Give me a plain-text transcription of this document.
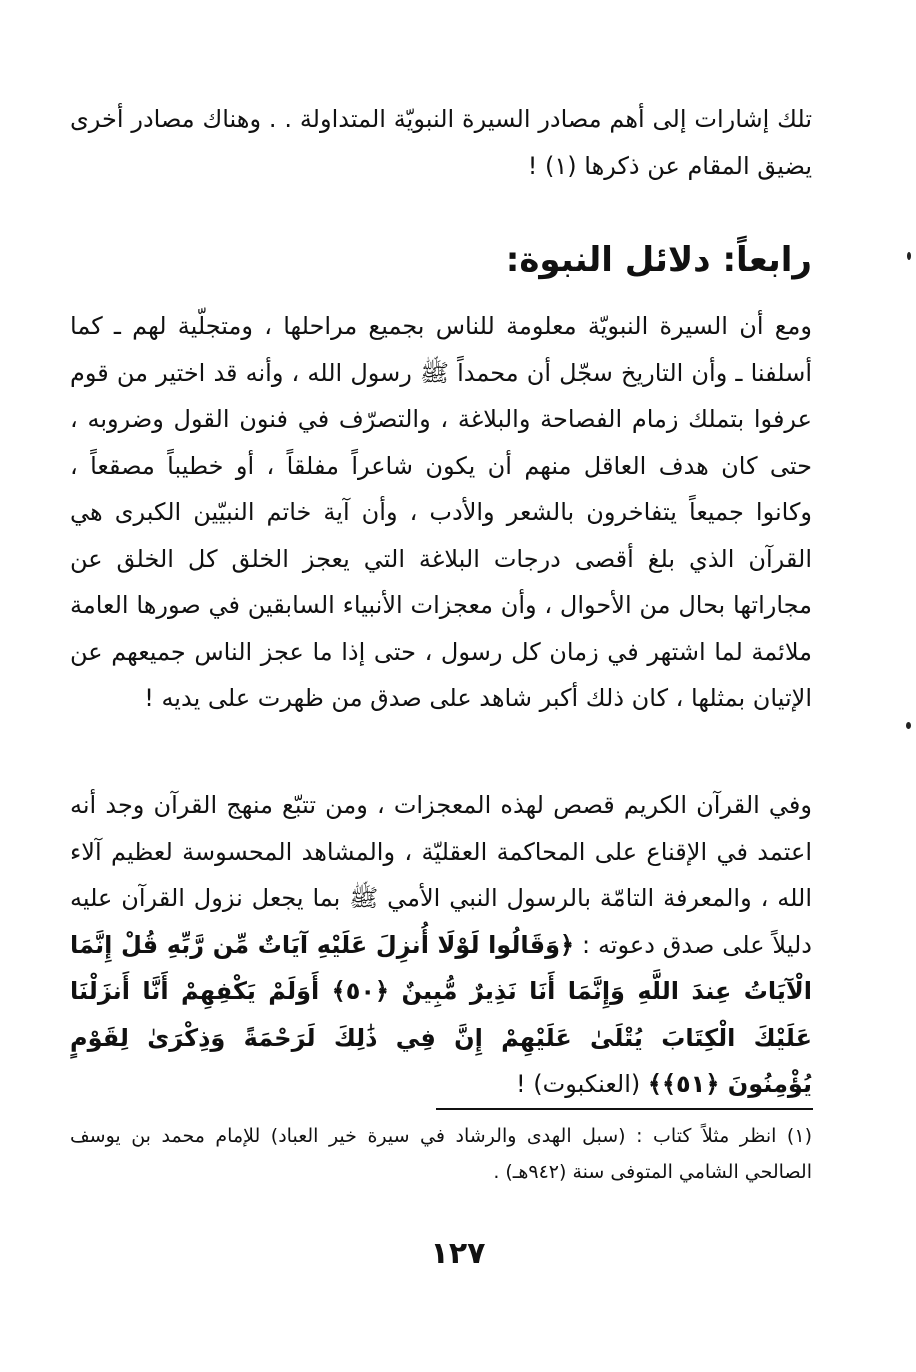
تلك إشارات إلى أهم مصادر السيرة النبويّة المتداولة . . وهناك مصادر أخرى يضيق المقام عن ذكرها (١) !

رابعاً: دلائل النبوة:

ومع أن السيرة النبويّة معلومة للناس بجميع مراحلها ، ومتجلّية لهم ـ كما أسلفنا ـ وأن التاريخ سجّل أن محمداً ﷺ رسول الله ، وأنه قد اختير من قوم عرفوا بتملك زمام الفصاحة والبلاغة ، والتصرّف في فنون القول وضروبه ، حتى كان هدف العاقل منهم أن يكون شاعراً مفلقاً ، أو خطيباً مصقعاً ، وكانوا جميعاً يتفاخرون بالشعر والأدب ، وأن آية خاتم النبيّين الكبرى هي القرآن الذي بلغ أقصى درجات البلاغة التي يعجز الخلق كل الخلق عن مجاراتها بحال من الأحوال ، وأن معجزات الأنبياء السابقين في صورها العامة ملائمة لما اشتهر في زمان كل رسول ، حتى إذا ما عجز الناس جميعهم عن الإتيان بمثلها ، كان ذلك أكبر شاهد على صدق من ظهرت على يديه !

وفي القرآن الكريم قصص لهذه المعجزات ، ومن تتبّع منهج القرآن وجد أنه اعتمد في الإقناع على المحاكمة العقليّة ، والمشاهد المحسوسة لعظيم آلاء الله ، والمعرفة التامّة بالرسول النبي الأمي ﷺ بما يجعل نزول القرآن عليه دليلاً على صدق دعوته : ﴿وَقَالُوا لَوْلَا أُنزِلَ عَلَيْهِ آيَاتٌ مِّن رَّبِّهِ قُلْ إِنَّمَا الْآيَاتُ عِندَ اللَّهِ وَإِنَّمَا أَنَا نَذِيرٌ مُّبِينٌ ﴿٥٠﴾ أَوَلَمْ يَكْفِهِمْ أَنَّا أَنزَلْنَا عَلَيْكَ الْكِتَابَ يُتْلَىٰ عَلَيْهِمْ إِنَّ فِي ذَٰلِكَ لَرَحْمَةً وَذِكْرَىٰ لِقَوْمٍ يُؤْمِنُونَ ﴿٥١﴾﴾ (العنكبوت) !

(١) انظر مثلاً كتاب : (سبل الهدى والرشاد في سيرة خير العباد) للإمام محمد بن يوسف الصالحي الشامي المتوفى سنة (٩٤٢هـ) .

١٢٧
